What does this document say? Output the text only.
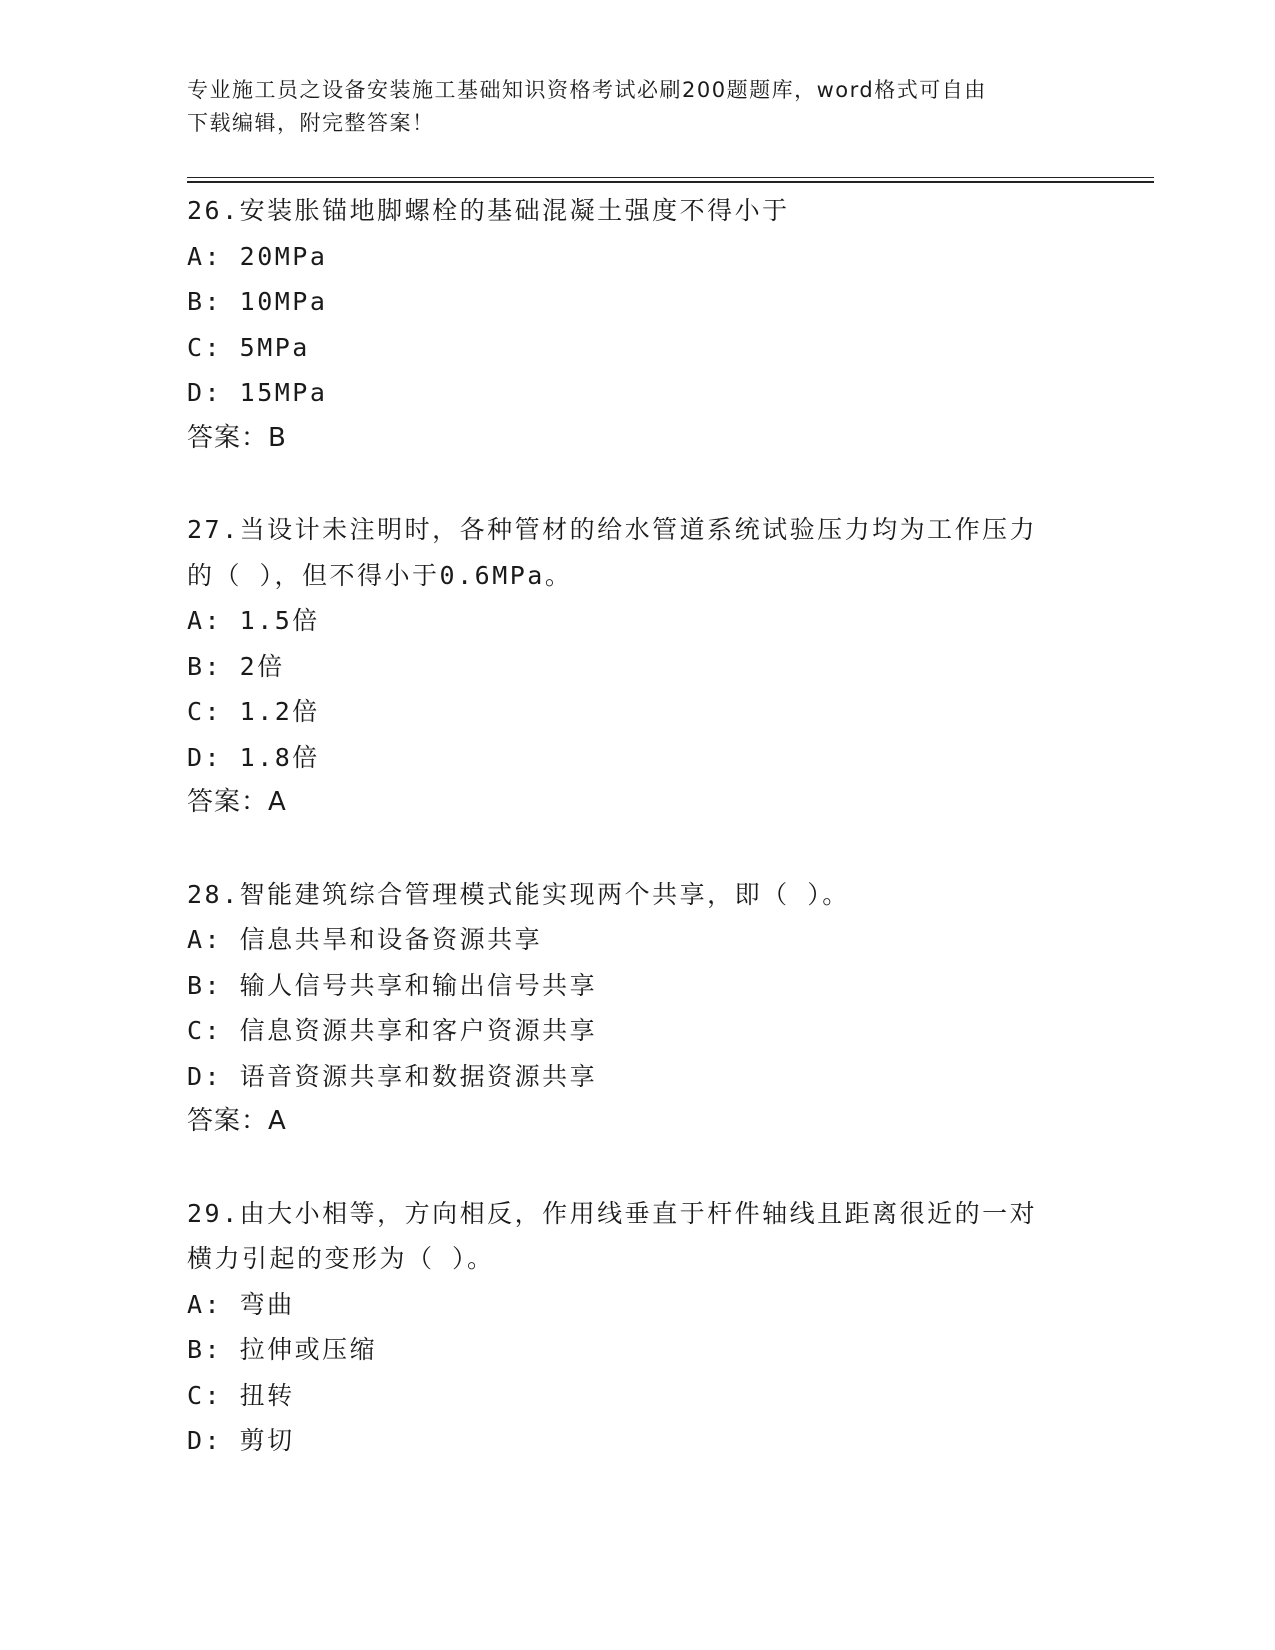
专业施工员之设备安装施工基础知识资格考试必刷200题题库，word格式可自由
下载编辑，附完整答案！
26.安装胀锚地脚螺栓的基础混凝土强度不得小于
A: 20MPa
B: 10MPa
C: 5MPa
D: 15MPa
答案：B
27.当设计未注明时，各种管材的给水管道系统试验压力均为工作压力
的（ ），但不得小于0.6MPa。
A: 1.5倍
B: 2倍
C: 1.2倍
D: 1.8倍
答案：A
28.智能建筑综合管理模式能实现两个共享，即（ ）。
A: 信息共旱和设备资源共享
B: 输人信号共享和输出信号共享
C: 信息资源共享和客户资源共享
D: 语音资源共享和数据资源共享
答案：A
29.由大小相等，方向相反，作用线垂直于杆件轴线且距离很近的一对
横力引起的变形为（ ）。
A: 弯曲
B: 拉伸或压缩
C: 扭转
D: 剪切
